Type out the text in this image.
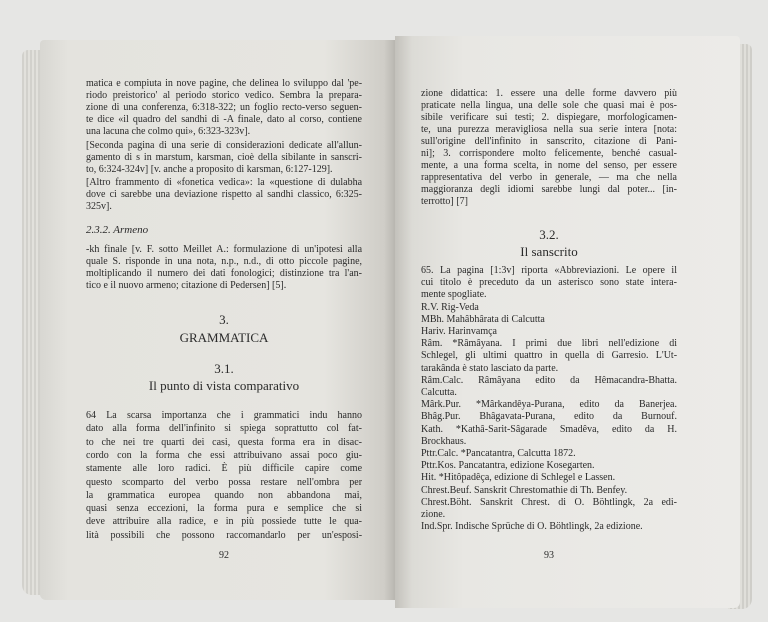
matica e compiuta in nove pagine, che delinea lo sviluppo dal 'pe-
riodo preistorico' al periodo storico vedico. Sembra la prepara-
zione di una conferenza, 6:318-322; un foglio recto-verso seguen-
te dice «il quadro del sandhi di -A finale, dato al corso, contiene
una lacuna che colmo qui», 6:323-323v].
[Seconda pagina di una serie di considerazioni dedicate all'allun-
gamento di s in marstum, karsman, cioè della sibilante in sanscri-
to, 6:324-324v] [v. anche a proposito di karsman, 6:127-129].
[Altro frammento di «fonetica vedica»: la «questione di dulabha
dove ci sarebbe una deviazione rispetto al sandhi classico, 6:325-
325v].
2.3.2. Armeno
-kh finale [v. F. sotto Meillet A.: formulazione di un'ipotesi alla
quale S. risponde in una nota, n.p., n.d., di otto piccole pagine,
moltiplicando il numero dei dati fonologici; distinzione tra l'an-
tico e il nuovo armeno; citazione di Pedersen] [5].
3.
GRAMMATICA
3.1.
Il punto di vista comparativo
64 La scarsa importanza che i grammatici indu hanno
dato alla forma dell'infinito si spiega soprattutto col fat-
to che nei tre quarti dei casi, questa forma era in disac-
cordo con la forma che essi attribuivano assai poco giu-
stamente alle loro radici. È più difficile capire come
questo scomparto del verbo possa restare nell'ombra per
la grammatica europea quando non abbandona mai,
quasi senza eccezioni, la forma pura e semplice che si
deve attribuire alla radice, e in più possiede tutte le qua-
lità possibili che possono raccomandarlo per un'esposi-
92
zione didattica: 1. essere una delle forme davvero più
praticate nella lingua, una delle sole che quasi mai è pos-
sibile verificare sui testi; 2. dispiegare, morfologicamen-
te, una purezza meravigliosa nella sua serie intera [nota:
sull'origine dell'infinito in sanscrito, citazione di Pani-
ni]; 3. corrispondere molto felicemente, benché casual-
mente, a una forma scelta, in nome del senso, per essere
rappresentativa del verbo in generale, — ma che nella
maggioranza degli idiomi sarebbe lungi dal poter... [in-
terrotto] [7]
3.2.
Il sanscrito
65. La pagina [1:3v] riporta «Abbreviazioni. Le opere il
cui titolo è preceduto da un asterisco sono state intera-
mente spogliate.
R.V. Rig-Veda
MBh. Mahâbhârata di Calcutta
Hariv. Harinvamça
Râm. *Râmâyana. I primi due libri nell'edizione di
Schlegel, gli ultimi quattro in quella di Garresio. L'Ut-
tarakânda è stato lasciato da parte.
Râm.Calc. Râmâyana edito da Hêmacandra-Bhatta.
Calcutta.
Mârk.Pur. *Mârkandêya-Purana, edito da Banerjea.
Bhâg.Pur. Bhâgavata-Purana, edito da Burnouf.
Kath. *Kathâ-Sarit-Sâgarade Smadêva, edito da H.
Brockhaus.
Pttr.Calc. *Pancatantra, Calcutta 1872.
Pttr.Kos. Pancatantra, edizione Kosegarten.
Hit. *Hitôpadêça, edizione di Schlegel e Lassen.
Chrest.Beuf. Sanskrit Chrestomathie di Th. Benfey.
Chrest.Böht. Sanskrit Chrest. di O. Böhtlingk, 2a edi-
zione.
Ind.Spr. Indische Sprüche di O. Böhtlingk, 2a edizione.
93
